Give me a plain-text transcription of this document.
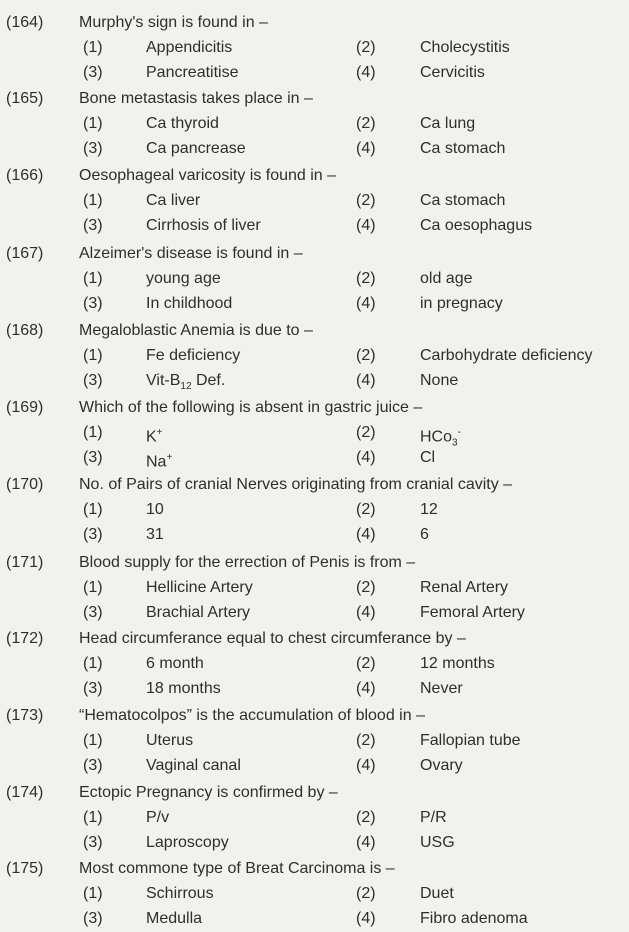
(164) Murphy's sign is found in –
(1)	Appendicitis	(2)	Cholecystitis
(3)	Pancreatitise	(4)	Cervicitis
(165) Bone metastasis takes place in –
(1)	Ca thyroid	(2)	Ca lung
(3)	Ca pancrease	(4)	Ca stomach
(166) Oesophageal varicosity is found in –
(1)	Ca liver	(2)	Ca stomach
(3)	Cirrhosis of liver	(4)	Ca oesophagus
(167) Alzeimer's disease is found in –
(1)	young age	(2)	old age
(3)	In childhood	(4)	in pregnacy
(168) Megaloblastic Anemia is due to –
(1)	Fe deficiency	(2)	Carbohydrate deficiency
(3)	Vit-$B_{12}$ Def.	(4)	None
(169) Which of the following is absent in gastric juice –
(1)	K+	(2)	HCo$_3$-
(3)	Na+	(4)	Cl
(170) No. of Pairs of cranial Nerves originating from cranial cavity –
(1)	10	(2)	12
(3)	31	(4)	6
(171) Blood supply for the errection of Penis is from –
(1)	Hellicine Artery	(2)	Renal Artery
(3)	Brachial Artery	(4)	Femoral Artery
(172) Head circumferance equal to chest circumferance by –
(1)	6 month	(2)	12 months
(3)	18 months	(4)	Never
(173) “Hematocolpos” is the accumulation of blood in –
(1)	Uterus	(2)	Fallopian tube
(3)	Vaginal canal	(4)	Ovary
(174) Ectopic Pregnancy is confirmed by –
(1)	P/v	(2)	P/R
(3)	Laproscopy	(4)	USG
(175) Most commone type of Breat Carcinoma is –
(1)	Schirrous	(2)	Duet
(3)	Medulla	(4)	Fibro adenoma
